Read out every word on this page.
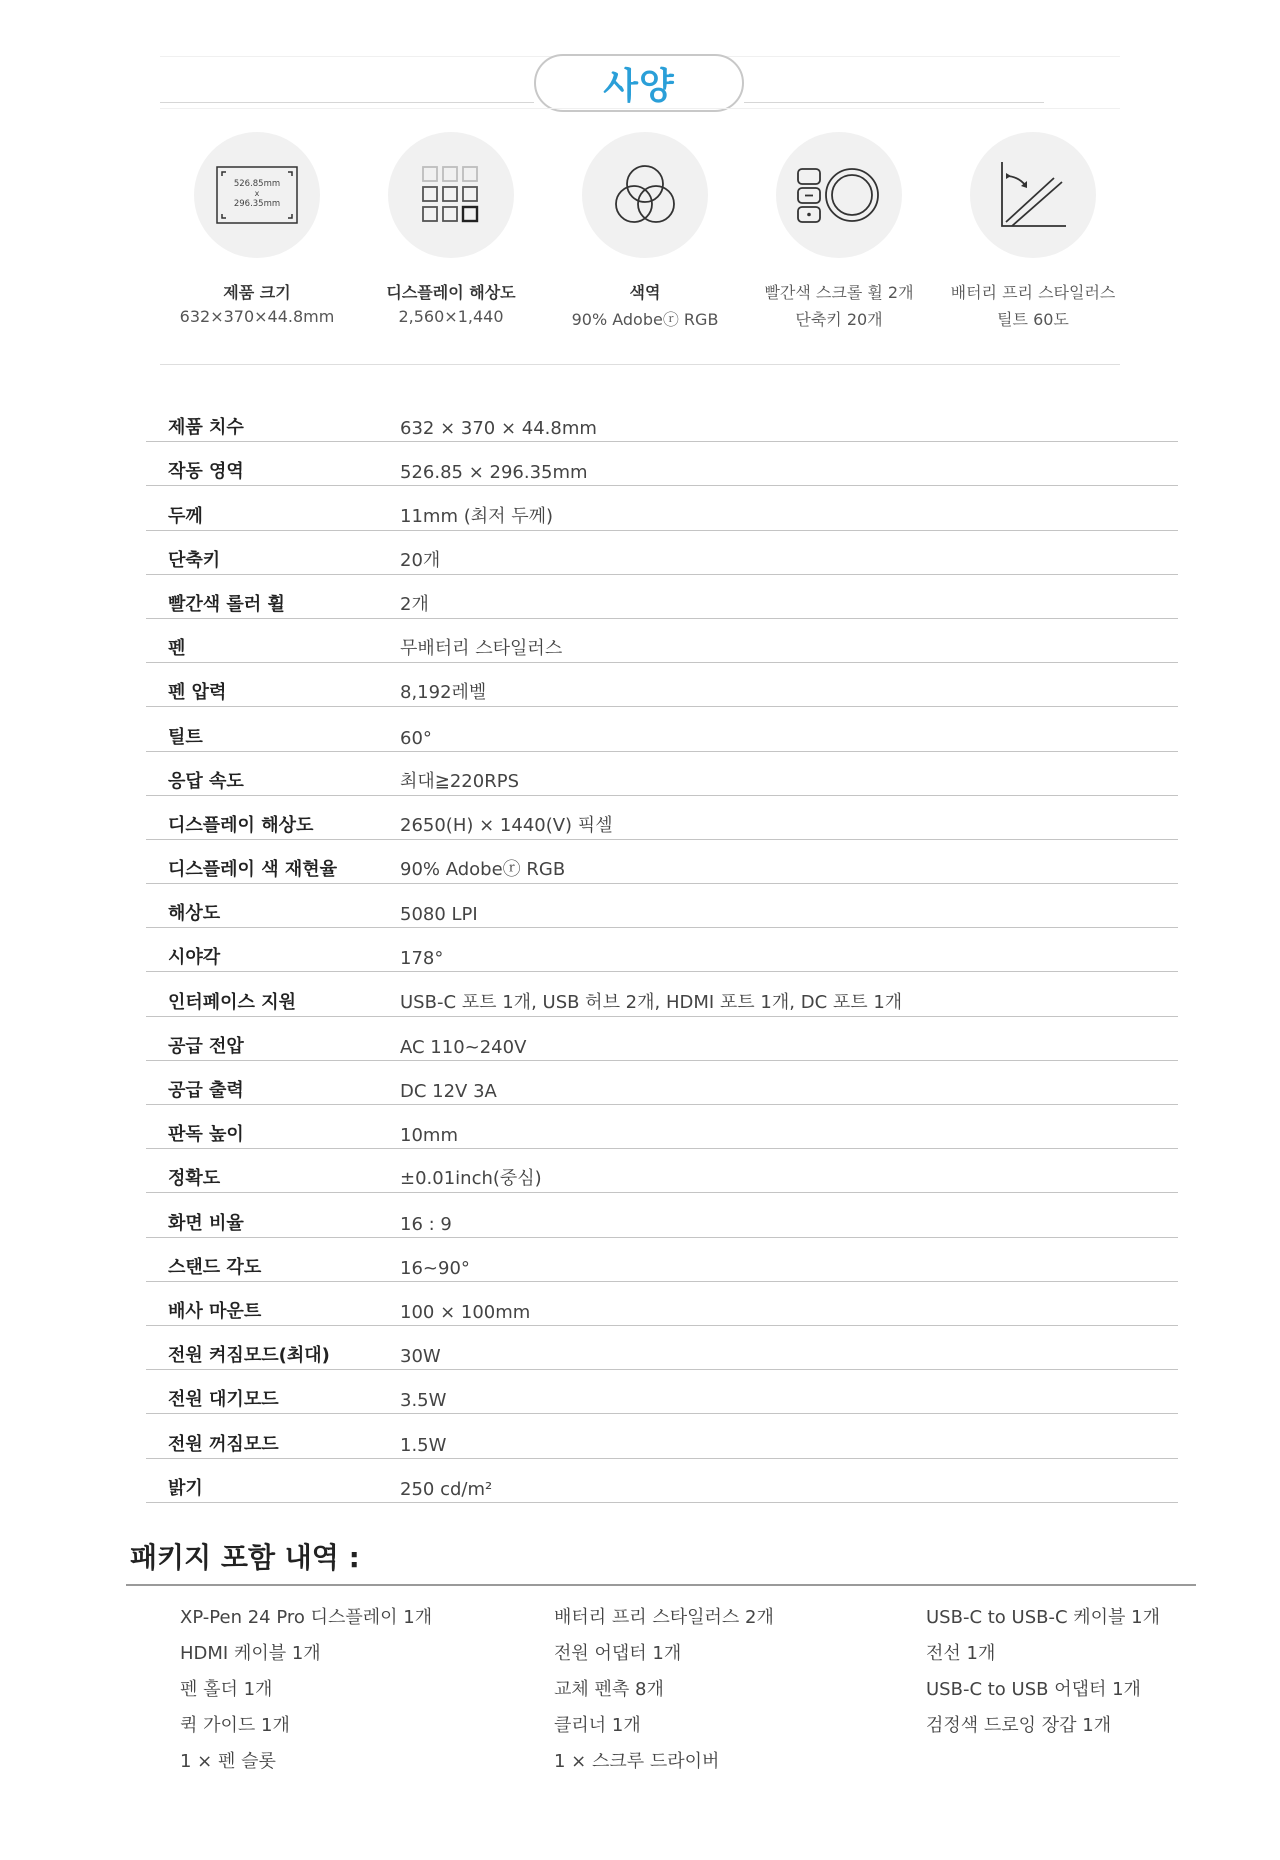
사양
526.85mm
x
296.35mm
제품 크기
632×370×44.8mm
디스플레이 해상도
2,560×1,440
색역
90% Adobeⓡ RGB
빨간색 스크롤 휠 2개
단축키 20개
배터리 프리 스타일러스
틸트 60도
제품 치수	632 × 370 × 44.8mm
작동 영역	526.85 × 296.35mm
두께	11mm (최저 두께)
단축키	20개
빨간색 롤러 휠	2개
펜	무배터리 스타일러스
펜 압력	8,192레벨
틸트	60°
응답 속도	최대≧220RPS
디스플레이 해상도	2650(H) × 1440(V) 픽셀
디스플레이 색 재현율	90% Adobeⓡ RGB
해상도	5080 LPI
시야각	178°
인터페이스 지원	USB-C 포트 1개, USB 허브 2개, HDMI 포트 1개, DC 포트 1개
공급 전압	AC 110~240V
공급 출력	DC 12V 3A
판독 높이	10mm
정확도	±0.01inch(중심)
화면 비율	16 : 9
스탠드 각도	16~90°
배사 마운트	100 × 100mm
전원 켜짐모드(최대)	30W
전원 대기모드	3.5W
전원 꺼짐모드	1.5W
밝기	250 cd/m²
패키지 포함 내역 :
XP-Pen 24 Pro 디스플레이 1개
HDMI 케이블 1개
펜 홀더 1개
퀵 가이드 1개
1 × 펜 슬롯
배터리 프리 스타일러스 2개
전원 어댑터 1개
교체 펜촉 8개
클리너 1개
1 × 스크루 드라이버
USB-C to USB-C 케이블 1개
전선 1개
USB-C to USB 어댑터 1개
검정색 드로잉 장갑 1개
